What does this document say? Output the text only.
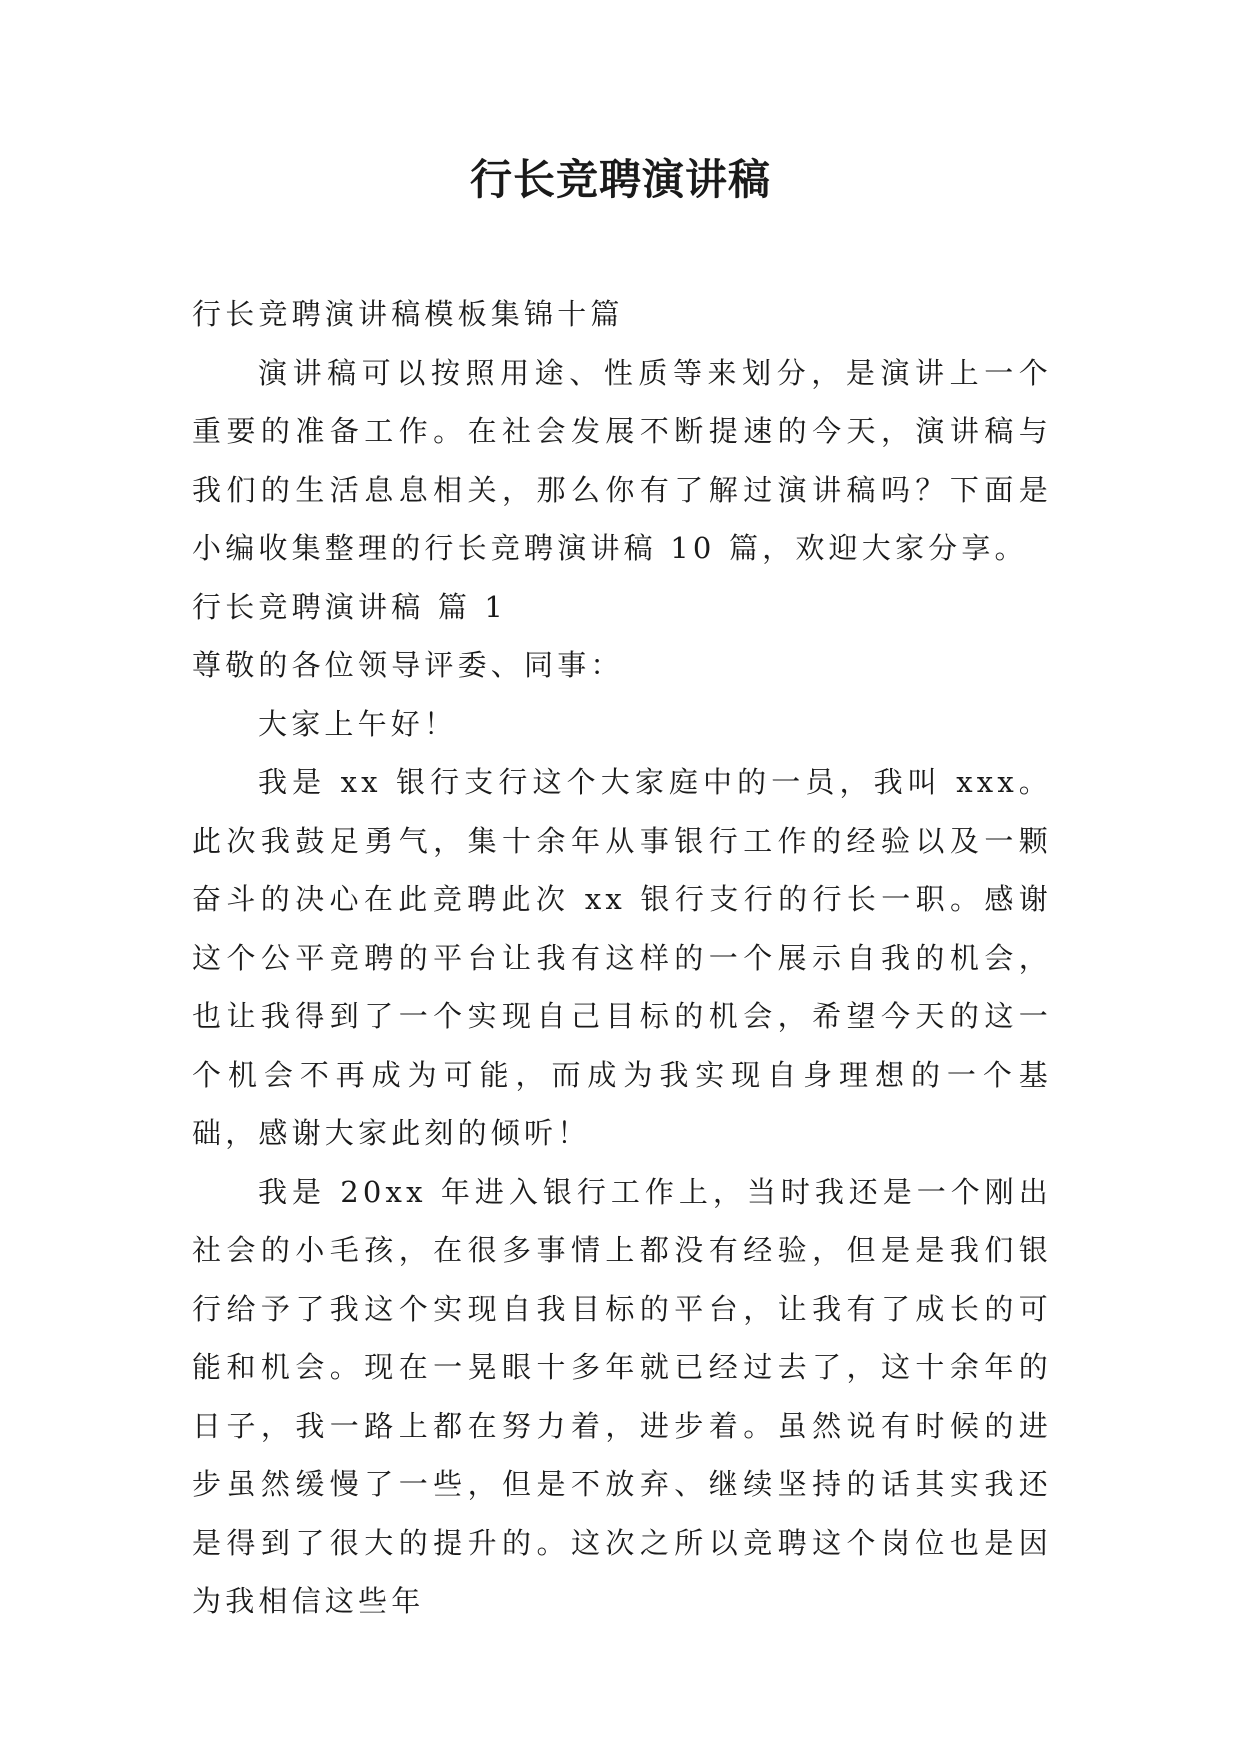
行长竞聘演讲稿

行长竞聘演讲稿模板集锦十篇

演讲稿可以按照用途、性质等来划分，是演讲上一个重要的准备工作。在社会发展不断提速的今天，演讲稿与我们的生活息息相关，那么你有了解过演讲稿吗？下面是小编收集整理的行长竞聘演讲稿 10 篇，欢迎大家分享。

行长竞聘演讲稿 篇 1

尊敬的各位领导评委、同事：

大家上午好！

我是 xx 银行支行这个大家庭中的一员，我叫 xxx。此次我鼓足勇气，集十余年从事银行工作的经验以及一颗奋斗的决心在此竞聘此次 xx 银行支行的行长一职。感谢这个公平竞聘的平台让我有这样的一个展示自我的机会，也让我得到了一个实现自己目标的机会，希望今天的这一个机会不再成为可能，而成为我实现自身理想的一个基础，感谢大家此刻的倾听！

我是 20xx 年进入银行工作上，当时我还是一个刚出社会的小毛孩，在很多事情上都没有经验，但是是我们银行给予了我这个实现自我目标的平台，让我有了成长的可能和机会。现在一晃眼十多年就已经过去了，这十余年的日子，我一路上都在努力着，进步着。虽然说有时候的进步虽然缓慢了一些，但是不放弃、继续坚持的话其实我还是得到了很大的提升的。这次之所以竞聘这个岗位也是因为我相信这些年
